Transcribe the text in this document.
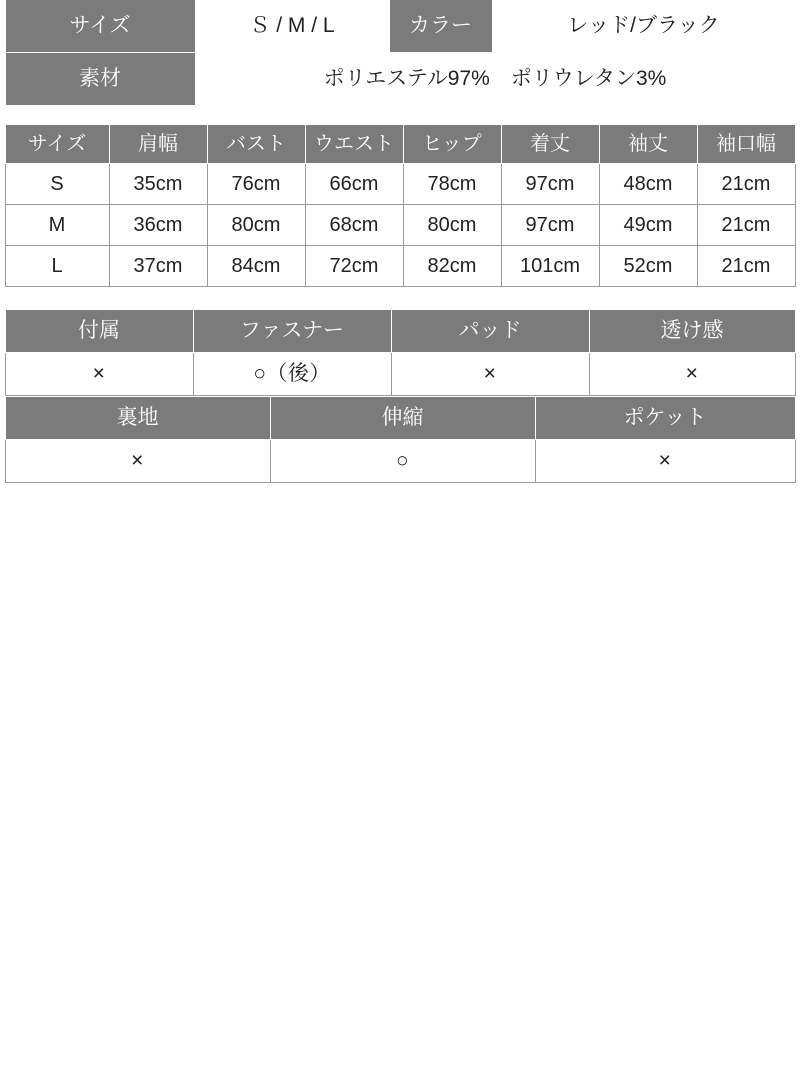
サイズ	Ｓ / M / L	カラー	レッド/ブラック
素材	ポリエステル97%　ポリウレタン3%		
サイズ	肩幅	バスト	ウエスト	ヒップ	着丈	袖丈	袖口幅
S	35cm	76cm	66cm	78cm	97cm	48cm	21cm
M	36cm	80cm	68cm	80cm	97cm	49cm	21cm
L	37cm	84cm	72cm	82cm	101cm	52cm	21cm
付属	ファスナー	パッド	透け感
×	○（後）	×	×
裏地	伸縮	ポケット
×	○	×
